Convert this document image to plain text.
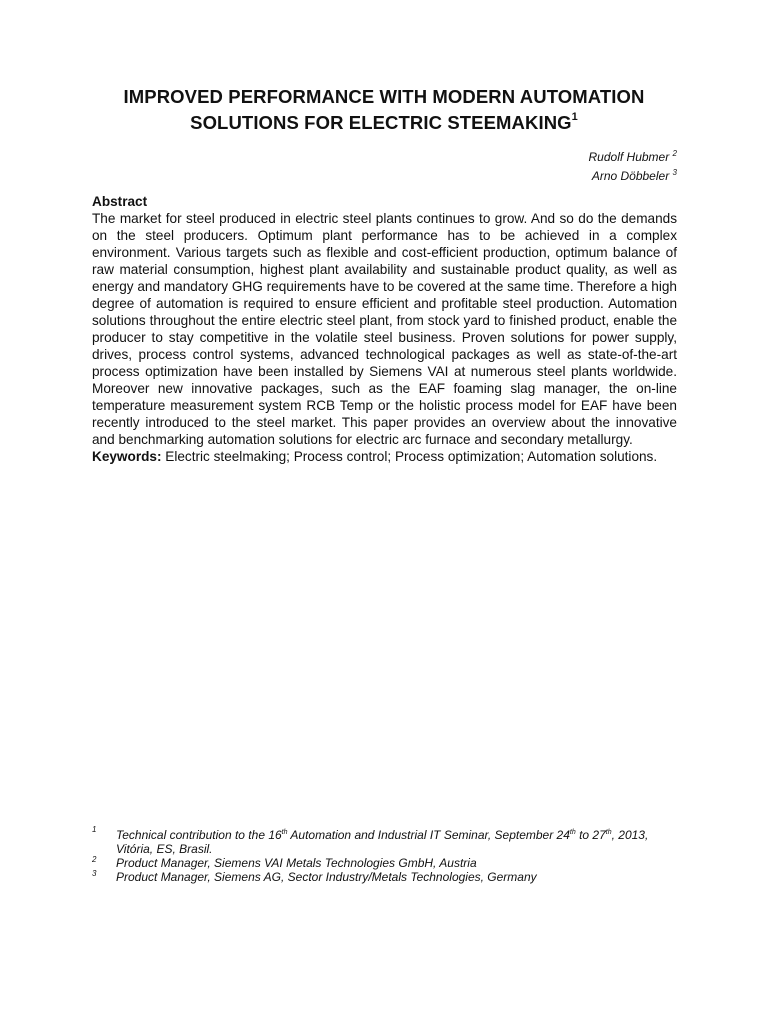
IMPROVED PERFORMANCE WITH MODERN AUTOMATION SOLUTIONS FOR ELECTRIC STEEMAKING$^1$
Rudolf Hubmer $^2$
Arno Döbbeler $^3$

Abstract

The market for steel produced in electric steel plants continues to grow. And so do the demands on the steel producers. Optimum plant performance has to be achieved in a complex environment. Various targets such as flexible and cost-efficient production, optimum balance of raw material consumption, highest plant availability and sustainable product quality, as well as energy and mandatory GHG requirements have to be covered at the same time. Therefore a high degree of automation is required to ensure efficient and profitable steel production. Automation solutions throughout the entire electric steel plant, from stock yard to finished product, enable the producer to stay competitive in the volatile steel business. Proven solutions for power supply, drives, process control systems, advanced technological packages as well as state-of-the-art process optimization have been installed by Siemens VAI at numerous steel plants worldwide. Moreover new innovative packages, such as the EAF foaming slag manager, the on-line temperature measurement system RCB Temp or the holistic process model for EAF have been recently introduced to the steel market. This paper provides an overview about the innovative and benchmarking automation solutions for electric arc furnace and secondary metallurgy.

Keywords: Electric steelmaking; Process control; Process optimization; Automation solutions.

1 Technical contribution to the 16th Automation and Industrial IT Seminar, September 24th to 27th, 2013, Vitória, ES, Brasil.
2 Product Manager, Siemens VAI Metals Technologies GmbH, Austria
3 Product Manager, Siemens AG, Sector Industry/Metals Technologies, Germany
